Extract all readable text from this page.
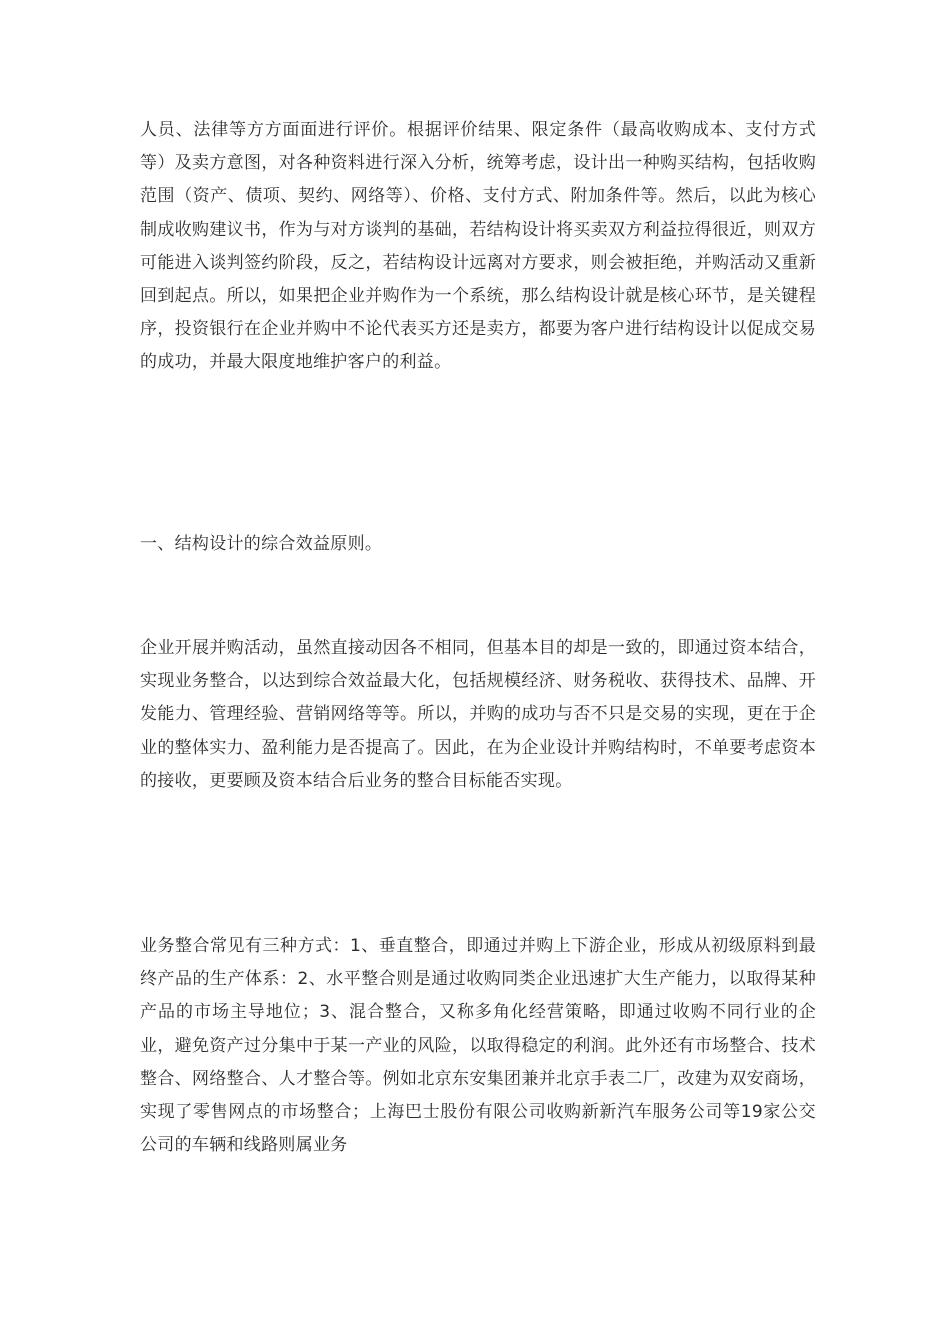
人员、法律等方方面面进行评价。根据评价结果、限定条件（最高收购成本、支付方式等）及卖方意图，对各种资料进行深入分析，统筹考虑，设计出一种购买结构，包括收购范围（资产、债项、契约、网络等）、价格、支付方式、附加条件等。然后，以此为核心制成收购建议书，作为与对方谈判的基础，若结构设计将买卖双方利益拉得很近，则双方可能进入谈判签约阶段，反之，若结构设计远离对方要求，则会被拒绝，并购活动又重新回到起点。所以，如果把企业并购作为一个系统，那么结构设计就是核心环节，是关键程序，投资银行在企业并购中不论代表买方还是卖方，都要为客户进行结构设计以促成交易的成功，并最大限度地维护客户的利益。

一、结构设计的综合效益原则。

企业开展并购活动，虽然直接动因各不相同，但基本目的却是一致的，即通过资本结合，实现业务整合，以达到综合效益最大化，包括规模经济、财务税收、获得技术、品牌、开发能力、管理经验、营销网络等等。所以，并购的成功与否不只是交易的实现，更在于企业的整体实力、盈利能力是否提高了。因此，在为企业设计并购结构时，不单要考虑资本的接收，更要顾及资本结合后业务的整合目标能否实现。

业务整合常见有三种方式：1、垂直整合，即通过并购上下游企业，形成从初级原料到最终产品的生产体系：2、水平整合则是通过收购同类企业迅速扩大生产能力，以取得某种产品的市场主导地位；3、混合整合，又称多角化经营策略，即通过收购不同行业的企业，避免资产过分集中于某一产业的风险，以取得稳定的利润。此外还有市场整合、技术整合、网络整合、人才整合等。例如北京东安集团兼并北京手表二厂，改建为双安商场，实现了零售网点的市场整合；上海巴士股份有限公司收购新新汽车服务公司等19家公交公司的车辆和线路则属业务
